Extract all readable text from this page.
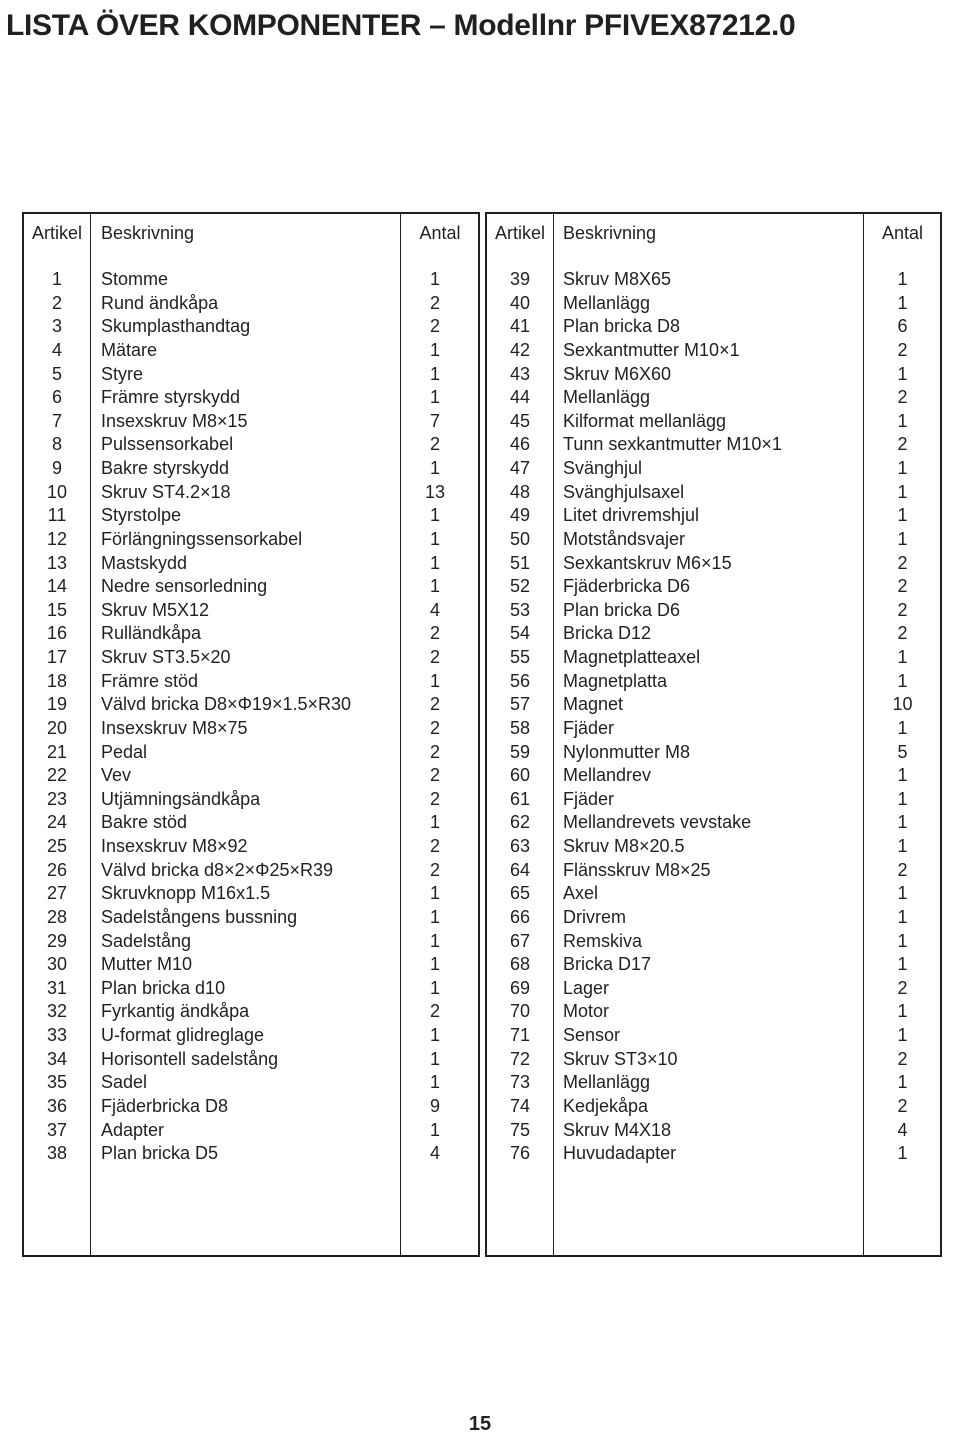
LISTA ÖVER KOMPONENTER – Modellnr PFIVEX87212.0
Artikel	Beskrivning	Antal
1	Stomme	1
2	Rund ändkåpa	2
3	Skumplasthandtag	2
4	Mätare	1
5	Styre	1
6	Främre styrskydd	1
7	Insexskruv M8×15	7
8	Pulssensorkabel	2
9	Bakre styrskydd	1
10	Skruv ST4.2×18	13
11	Styrstolpe	1
12	Förlängningssensorkabel	1
13	Mastskydd	1
14	Nedre sensorledning	1
15	Skruv M5X12	4
16	Rulländkåpa	2
17	Skruv ST3.5×20	2
18	Främre stöd	1
19	Välvd bricka D8×Φ19×1.5×R30	2
20	Insexskruv M8×75	2
21	Pedal	2
22	Vev	2
23	Utjämningsändkåpa	2
24	Bakre stöd	1
25	Insexskruv M8×92	2
26	Välvd bricka d8×2×Φ25×R39	2
27	Skruvknopp M16x1.5	1
28	Sadelstångens bussning	1
29	Sadelstång	1
30	Mutter M10	1
31	Plan bricka d10	1
32	Fyrkantig ändkåpa	2
33	U-format glidreglage	1
34	Horisontell sadelstång	1
35	Sadel	1
36	Fjäderbricka D8	9
37	Adapter	1
38	Plan bricka D5	4
Artikel	Beskrivning	Antal
39	Skruv M8X65	1
40	Mellanlägg	1
41	Plan bricka D8	6
42	Sexkantmutter M10×1	2
43	Skruv M6X60	1
44	Mellanlägg	2
45	Kilformat mellanlägg	1
46	Tunn sexkantmutter M10×1	2
47	Svänghjul	1
48	Svänghjulsaxel	1
49	Litet drivremshjul	1
50	Motståndsvajer	1
51	Sexkantskruv M6×15	2
52	Fjäderbricka D6	2
53	Plan bricka D6	2
54	Bricka D12	2
55	Magnetplatteaxel	1
56	Magnetplatta	1
57	Magnet	10
58	Fjäder	1
59	Nylonmutter M8	5
60	Mellandrev	1
61	Fjäder	1
62	Mellandrevets vevstake	1
63	Skruv M8×20.5	1
64	Flänsskruv M8×25	2
65	Axel	1
66	Drivrem	1
67	Remskiva	1
68	Bricka D17	1
69	Lager	2
70	Motor	1
71	Sensor	1
72	Skruv ST3×10	2
73	Mellanlägg	1
74	Kedjekåpa	2
75	Skruv M4X18	4
76	Huvudadapter	1
15
